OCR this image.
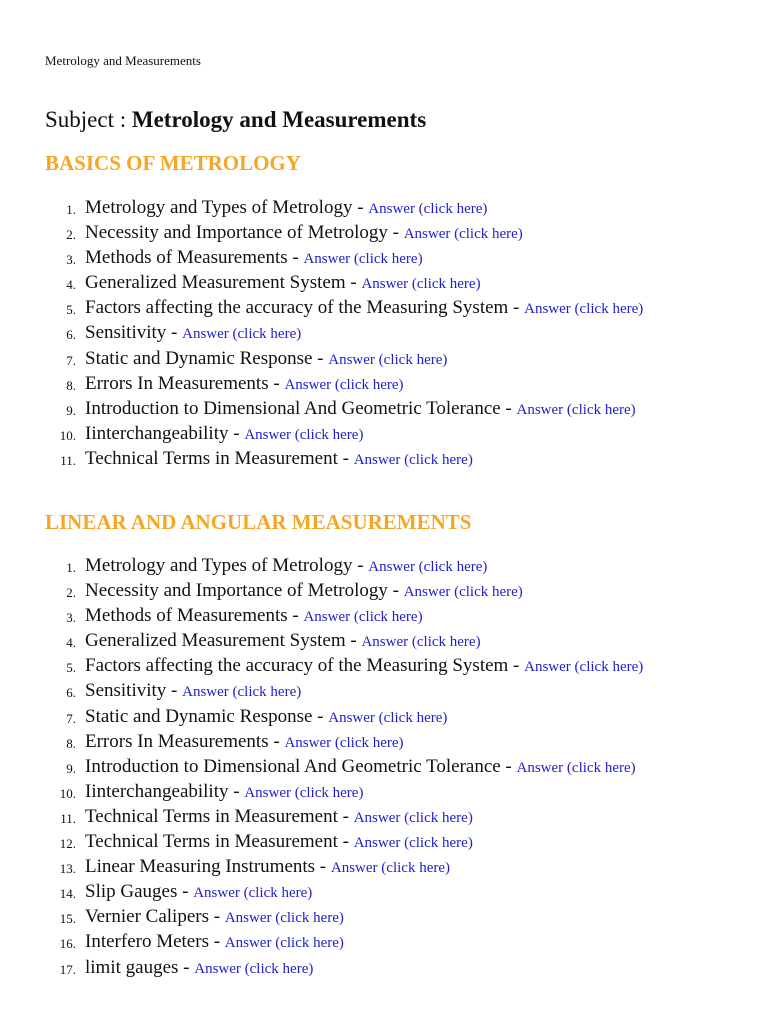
Metrology and Measurements
Subject : Metrology and Measurements
BASICS OF METROLOGY
1. Metrology and Types of Metrology - Answer (click here)
2. Necessity and Importance of Metrology - Answer (click here)
3. Methods of Measurements - Answer (click here)
4. Generalized Measurement System - Answer (click here)
5. Factors affecting the accuracy of the Measuring System - Answer (click here)
6. Sensitivity - Answer (click here)
7. Static and Dynamic Response - Answer (click here)
8. Errors In Measurements - Answer (click here)
9. Introduction to Dimensional And Geometric Tolerance - Answer (click here)
10. Iinterchangeability - Answer (click here)
11. Technical Terms in Measurement - Answer (click here)
LINEAR AND ANGULAR MEASUREMENTS
1. Metrology and Types of Metrology - Answer (click here)
2. Necessity and Importance of Metrology - Answer (click here)
3. Methods of Measurements - Answer (click here)
4. Generalized Measurement System - Answer (click here)
5. Factors affecting the accuracy of the Measuring System - Answer (click here)
6. Sensitivity - Answer (click here)
7. Static and Dynamic Response - Answer (click here)
8. Errors In Measurements - Answer (click here)
9. Introduction to Dimensional And Geometric Tolerance - Answer (click here)
10. Iinterchangeability - Answer (click here)
11. Technical Terms in Measurement - Answer (click here)
12. Technical Terms in Measurement - Answer (click here)
13. Linear Measuring Instruments - Answer (click here)
14. Slip Gauges - Answer (click here)
15. Vernier Calipers - Answer (click here)
16. Interfero Meters - Answer (click here)
17. limit gauges - Answer (click here)
